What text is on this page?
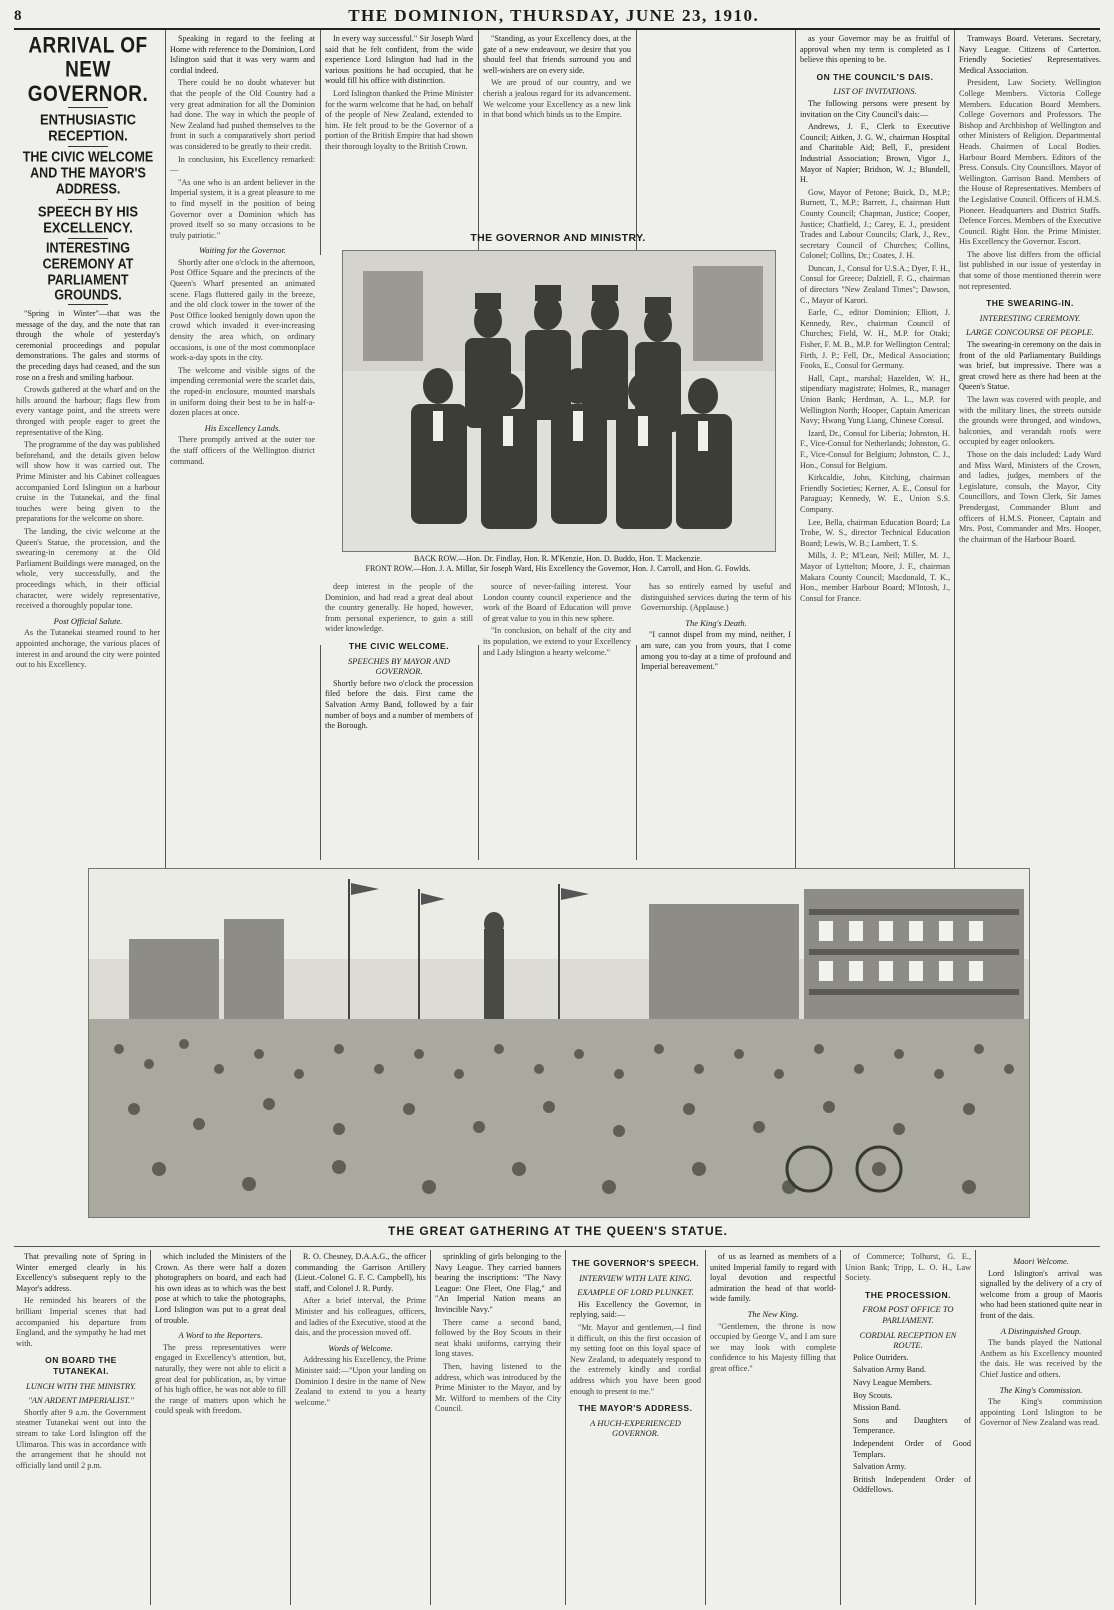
8	THE DOMINION, THURSDAY, JUNE 23, 1910.
ARRIVAL OF NEW GOVERNOR.
ENTHUSIASTIC RECEPTION.
THE CIVIC WELCOME AND THE MAYOR'S ADDRESS.
SPEECH BY HIS EXCELLENCY.
INTERESTING CEREMONY AT PARLIAMENT GROUNDS.

"Spring in Winter"—that was the message of the day, and the note that ran through the whole of yesterday's ceremonial proceedings and popular demonstrations. The gales and storms of the preceding days had ceased, and the sun rose on a fresh and smiling harbour.

Crowds gathered at the wharf and on the hills around the harbour; flags flew from every vantage point, and the streets were thronged with people eager to greet the representative of the King.

The programme of the day was published beforehand, and the details given below will show how it was carried out. The Prime Minister and his Cabinet colleagues accompanied Lord Islington on a harbour cruise in the Tutanekai, and the final touches were being given to the preparations for the welcome on shore.

The landing, the civic welcome at the Queen's Statue, the procession, and the swearing-in ceremony at the Old Parliament Buildings were managed, on the whole, very successfully, and the proceedings which, in their official character, were widely representative, received a thoroughly popular tone.

Post Official Salute.

As the Tutanekai steamed round to her appointed anchorage, the various places of interest in and around the city were pointed out to his Excellency.

Speaking in regard to the feeling at Home with reference to the Dominion, Lord Islington said that it was very warm and cordial indeed.

There could be no doubt whatever but that the people of the Old Country had a very great admiration for all the Dominion had done. The way in which the people of New Zealand had pushed themselves to the front in such a comparatively short period was considered to be greatly to their credit.

In conclusion, his Excellency remarked:—

"As one who is an ardent believer in the Imperial system, it is a great pleasure to me to find myself in the position of being Governor over a Dominion which has proved itself so so many occasions to be truly patriotic."

Waiting for the Governor.

Shortly after one o'clock in the afternoon, Post Office Square and the precincts of the Queen's Wharf presented an animated scene. Flags fluttered gaily in the breeze, and the old clock tower in the tower of the Post Office looked benignly down upon the crowd which invaded it ever-increasing density the area which, on ordinary occasions, is one of the most commonplace work-a-day spots in the city.

The welcome and visible signs of the impending ceremonial were the scarlet dais, the roped-in enclosure, mounted marshals in uniform doing their best to be in half-a-dozen places at once.

His Excellency Lands.

There promptly arrived at the outer toe the staff officers of the Wellington district command.

In every way successful." Sir Joseph Ward said that he felt confident, from the wide experience Lord Islington had had in the various positions he had occupied, that he would fill his office with distinction.

Lord Islington thanked the Prime Minister for the warm welcome that he had, on behalf of the people of New Zealand, extended to him. He felt proud to be the Governor of a portion of the British Empire that had shown their thorough loyalty to the British Crown.

"Standing, as your Excellency does, at the gate of a new endeavour, we desire that you should feel that friends surround you and well-wishers are on every side.

We are proud of our country, and we cherish a jealous regard for its advancement. We welcome your Excellency as a new link in that bond which binds us to the Empire.

THE GOVERNOR AND MINISTRY.
BACK ROW.—Hon. Dr. Findlay, Hon. R. M'Kenzie, Hon. D. Buddo, Hon. T. Mackenzie.
FRONT ROW.—Hon. J. A. Millar, Sir Joseph Ward, His Excellency the Governor, Hon. J. Carroll, and Hon. G. Fowlds.

deep interest in the people of the Dominion, and had read a great deal about the country generally. He hoped, however, from personal experience, to gain a still wider knowledge.

THE CIVIC WELCOME.
SPEECHES BY MAYOR AND GOVERNOR.

Shortly before two o'clock the procession filed before the dais. First came the Salvation Army Band, followed by a fair number of boys and a number of members of the Borough.

source of never-failing interest. Your London county council experience and the work of the Board of Education will prove of great value to you in this new sphere.

"In conclusion, on behalf of the city and its population, we extend to your Excellency and Lady Islington a hearty welcome."

has so entirely earned by useful and distinguished services during the term of his Governorship. (Applause.)

The King's Death.

"I cannot dispel from my mind, neither, I am sure, can you from yours, that I come among you to-day at a time of profound and Imperial bereavement."

as your Governor may be as fruitful of approval when my term is completed as I believe this opening to be.

ON THE COUNCIL'S DAIS.
LIST OF INVITATIONS.

The following persons were present by invitation on the City Council's dais:—

Andrews, J. F., Clerk to Executive Council; Aitken, J. G. W., chairman Hospital and Charitable Aid; Bell, F., president Industrial Association; Brown, Vigor J., Mayor of Napier; Bridson, W. J.; Blundell, H.

Gow, Mayor of Petone; Buick, D., M.P.; Burnett, T., M.P.; Barrett, J., chairman Hutt County Council; Chapman, Justice; Cooper, Justice; Chatfield, J.; Carey, E. J., president Trades and Labour Councils; Clark, J., Rev., secretary Council of Churches; Collins, Colonel; Collins, Dr.; Coates, J. H.

Duncan, J., Consul for U.S.A.; Dyer, F. H., Consul for Greece; Dalziell, F. G., chairman of directors "New Zealand Times"; Dawson, C., Mayor of Karori.

Earle, C., editor Dominion; Elliott, J. Kennedy, Rev., chairman Council of Churches; Field, W. H., M.P. for Otaki; Fisher, F. M. B., M.P. for Wellington Central; Firth, J. P.; Fell, Dr., Medical Association; Fooks, E., Consul for Germany.

Hall, Capt., marshal; Hazelden, W. H., stipendiary magistrate; Holmes, R., manager Union Bank; Herdman, A. L., M.P. for Wellington North; Hooper, Captain American Navy; Hwang Yung Liang, Chinese Consul.

Izard, Dr., Consul for Liberia; Johnston, H. F., Vice-Consul for Netherlands; Johnston, G. F., Vice-Consul for Belgium; Johnston, C. J., Hon., Consul for Belgium.

Kirkcaldie, John, Kitching, chairman Friendly Societies; Kerner, A. E., Consul for Paraguay; Kennedy, W. E., Union S.S. Company.

Lee, Bella, chairman Education Board; La Trobe, W. S., director Technical Education Board; Lewis, W. B.; Lambert, T. S.

Mills, J. P.; M'Lean, Neil; Miller, M. J., Mayor of Lyttelton; Moore, J. F., chairman Makara County Council; Macdonald, T. K., Hon., member Harbour Board; M'Intosh, J., Consul for France.

Tramways Board. Veterans. Secretary, Navy League. Citizens of Carterton. Friendly Societies' Representatives. Medical Association.

President, Law Society. Wellington College Members. Victoria College Members. Education Board Members. College Governors and Professors. The Bishop and Archbishop of Wellington and other Ministers of Religion. Departmental Heads. Chairmen of Local Bodies. Harbour Board Members. Editors of the Press. Consuls. City Councillors. Mayor of Wellington. Garrison Band. Members of the House of Representatives. Members of the Legislative Council. Officers of H.M.S. Pioneer. Headquarters and District Staffs. Defence Forces. Members of the Executive Council. Right Hon. the Prime Minister. His Excellency the Governor. Escort.

The above list differs from the official list published in our issue of yesterday in that some of those mentioned therein were not represented.

THE SWEARING-IN.
INTERESTING CEREMONY.
LARGE CONCOURSE OF PEOPLE.

The swearing-in ceremony on the dais in front of the old Parliamentary Buildings was brief, but impressive. There was a great crowd here as there had been at the Queen's Statue.

The lawn was covered with people, and with the military lines, the streets outside the grounds were thronged, and windows, balconies, and verandah roofs were occupied by eager onlookers.

Those on the dais included: Lady Ward and Miss Ward, Ministers of the Crown, and ladies, judges, members of the Legislature, consuls, the Mayor, City Councillors, and Town Clerk, Sir James Prendergast, Commander Blunt and officers of H.M.S. Pioneer, Captain and Mrs. Post, Commander and Mrs. Hooper, the chairman of the Harbour Board.

THE GREAT GATHERING AT THE QUEEN'S STATUE.

That prevailing note of Spring in Winter emerged clearly in his Excellency's subsequent reply to the Mayor's address.

He reminded his hearers of the brilliant Imperial scenes that had accompanied his departure from England, and the sympathy he had met with.

ON BOARD THE TUTANEKAI.
LUNCH WITH THE MINISTRY.
"AN ARDENT IMPERIALIST."

Shortly after 9 a.m. the Government steamer Tutanekai went out into the stream to take Lord Islington off the Ulimaroa. This was in accordance with the arrangement that he should not officially land until 2 p.m.

which included the Ministers of the Crown. As there were half a dozen photographers on board, and each had his own ideas as to which was the best pose at which to take the photographs, Lord Islington was put to a great deal of trouble.

A Word to the Reporters.

The press representatives were engaged in Excellency's attention, but, naturally, they were not able to elicit a great deal for publication, as, by virtue of his high office, he was not able to fill the range of matters upon which he could speak with freedom.

R. O. Chesney, D.A.A.G., the officer commanding the Garrison Artillery (Lieut.-Colonel G. F. C. Campbell), his staff, and Colonel J. R. Purdy.

After a brief interval, the Prime Minister and his colleagues, officers, and ladies of the Executive, stood at the dais, and the procession moved off.

Words of Welcome.

Addressing his Excellency, the Prime Minister said:—"Upon your landing on Dominion I desire in the name of New Zealand to extend to you a hearty welcome."

sprinkling of girls belonging to the Navy League. They carried banners bearing the inscriptions: "The Navy League: One Fleet, One Flag," and "An Imperial Nation means an Invincible Navy."

There came a second band, followed by the Boy Scouts in their neat khaki uniforms, carrying their long staves.

Then, having listened to the address, which was introduced by the Prime Minister to the Mayor, and by Mr. Wilford to members of the City Council.

THE GOVERNOR'S SPEECH.
INTERVIEW WITH LATE KING.
EXAMPLE OF LORD PLUNKET.

His Excellency the Governor, in replying, said:—

"Mr. Mayor and gentlemen,—I find it difficult, on this the first occasion of my setting foot on this loyal space of New Zealand, to adequately respond to the extremely kindly and cordial address which you have been good enough to present to me."

THE MAYOR'S ADDRESS.
A HUCH-EXPERIENCED GOVERNOR.

of us as learned as members of a united Imperial family to regard with loyal devotion and respectful admiration the head of that world-wide family.

The New King.

"Gentlemen, the throne is now occupied by George V., and I am sure we may look with complete confidence to his Majesty filling that great office."

of Commerce; Tolhurst, G. E., Union Bank; Tripp, L. O. H., Law Society.

THE PROCESSION.
FROM POST OFFICE TO PARLIAMENT.
CORDIAL RECEPTION EN ROUTE.

Police Outriders.

Salvation Army Band.

Navy League Members.

Boy Scouts.

Mission Band.

Sons and Daughters of Temperance.

Independent Order of Good Templars.

Salvation Army.

British Independent Order of Oddfellows.

Maori Welcome.

Lord Islington's arrival was signalled by the delivery of a cry of welcome from a group of Maoris who had been stationed quite near in front of the dais.

A Distinguished Group.

The bands played the National Anthem as his Excellency mounted the dais. He was received by the Chief Justice and others.

The King's Commission.

The King's commission appointing Lord Islington to be Governor of New Zealand was read.
